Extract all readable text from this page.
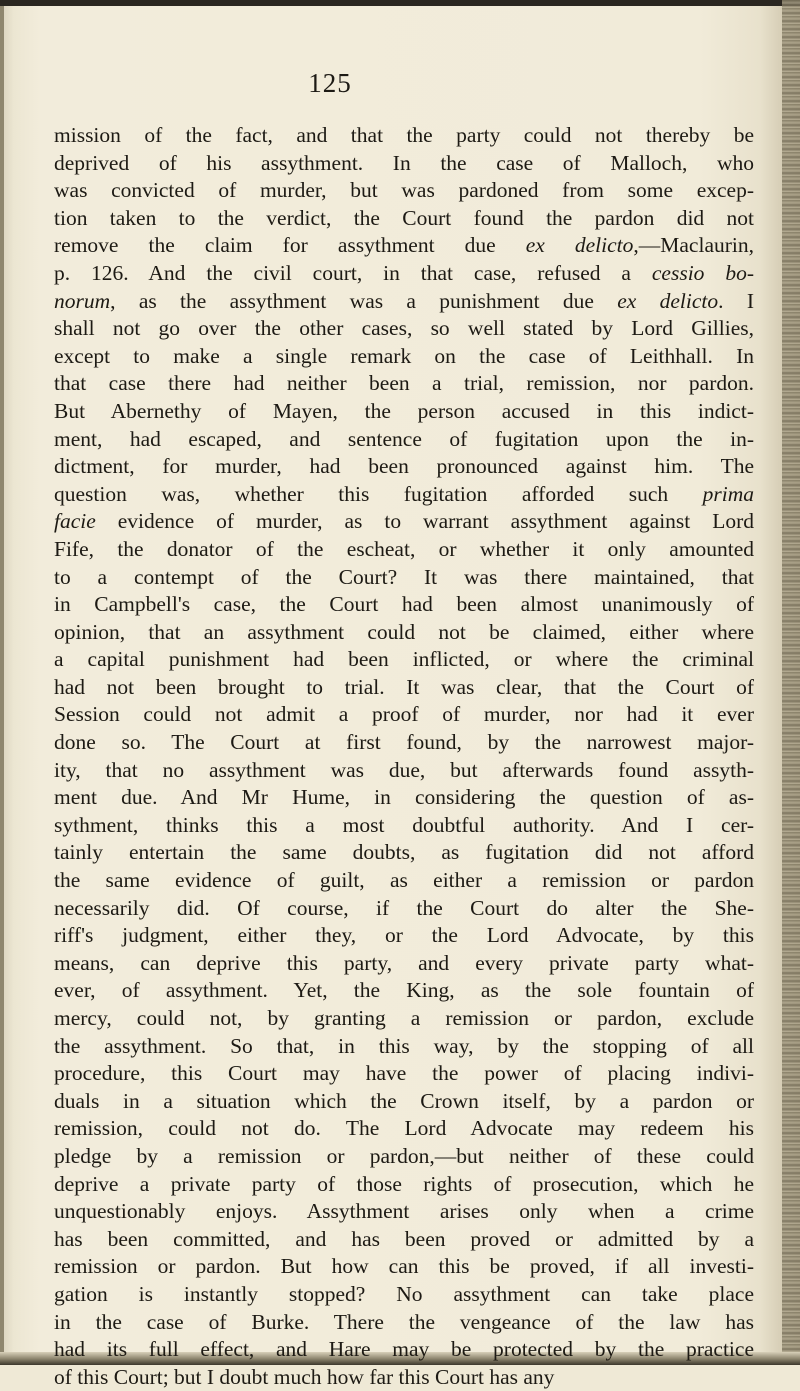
125
mission of the fact, and that the party could not thereby be
deprived of his assythment. In the case of Malloch, who
was convicted of murder, but was pardoned from some excep-
tion taken to the verdict, the Court found the pardon did not
remove the claim for assythment due ex delicto,—Maclaurin,
p. 126. And the civil court, in that case, refused a cessio bo-
norum, as the assythment was a punishment due ex delicto. I
shall not go over the other cases, so well stated by Lord Gillies,
except to make a single remark on the case of Leithhall. In
that case there had neither been a trial, remission, nor pardon.
But Abernethy of Mayen, the person accused in this indict-
ment, had escaped, and sentence of fugitation upon the in-
dictment, for murder, had been pronounced against him. The
question was, whether this fugitation afforded such prima
facie evidence of murder, as to warrant assythment against Lord
Fife, the donator of the escheat, or whether it only amounted
to a contempt of the Court? It was there maintained, that
in Campbell's case, the Court had been almost unanimously of
opinion, that an assythment could not be claimed, either where
a capital punishment had been inflicted, or where the criminal
had not been brought to trial. It was clear, that the Court of
Session could not admit a proof of murder, nor had it ever
done so. The Court at first found, by the narrowest major-
ity, that no assythment was due, but afterwards found assyth-
ment due. And Mr Hume, in considering the question of as-
sythment, thinks this a most doubtful authority. And I cer-
tainly entertain the same doubts, as fugitation did not afford
the same evidence of guilt, as either a remission or pardon
necessarily did. Of course, if the Court do alter the She-
riff's judgment, either they, or the Lord Advocate, by this
means, can deprive this party, and every private party what-
ever, of assythment. Yet, the King, as the sole fountain of
mercy, could not, by granting a remission or pardon, exclude
the assythment. So that, in this way, by the stopping of all
procedure, this Court may have the power of placing indivi-
duals in a situation which the Crown itself, by a pardon or
remission, could not do. The Lord Advocate may redeem his
pledge by a remission or pardon,—but neither of these could
deprive a private party of those rights of prosecution, which he
unquestionably enjoys. Assythment arises only when a crime
has been committed, and has been proved or admitted by a
remission or pardon. But how can this be proved, if all investi-
gation is instantly stopped? No assythment can take place
in the case of Burke. There the vengeance of the law has
had its full effect, and Hare may be protected by the practice
of this Court; but I doubt much how far this Court has any
